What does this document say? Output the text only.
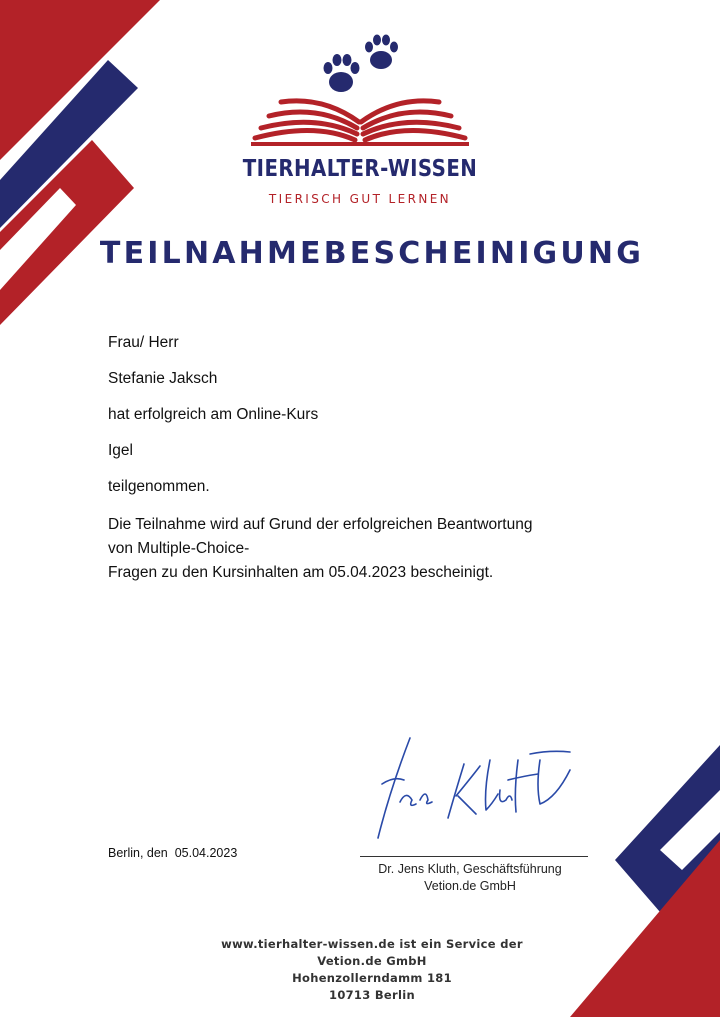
TIERHALTER-WISSEN
TIERISCH GUT LERNEN
TEILNAHMEBESCHEINIGUNG
Frau/ Herr
Stefanie Jaksch
hat erfolgreich am Online-Kurs
Igel
teilgenommen.
Die Teilnahme wird auf Grund der erfolgreichen Beantwortung
von Multiple-Choice-
Fragen zu den Kursinhalten am 05.04.2023 bescheinigt.
Berlin, den  05.04.2023
Dr. Jens Kluth, Geschäftsführung
Vetion.de GmbH
www.tierhalter-wissen.de ist ein Service der
Vetion.de GmbH
Hohenzollerndamm 181
10713 Berlin
